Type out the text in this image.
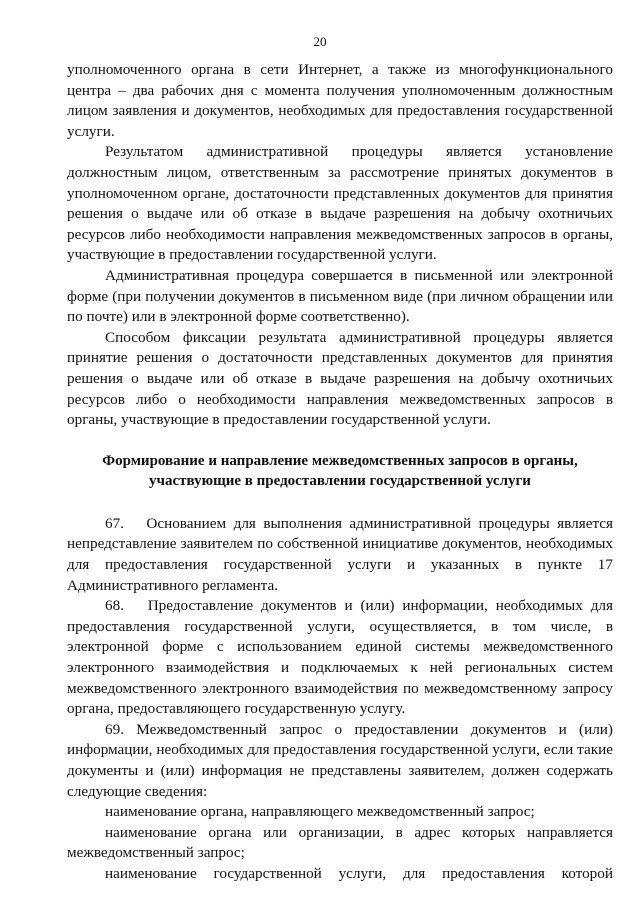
20

уполномоченного органа в сети Интернет, а также из многофункционального центра – два рабочих дня с момента получения уполномоченным должностным лицом заявления и документов, необходимых для предоставления государственной услуги.

Результатом административной процедуры является установление должностным лицом, ответственным за рассмотрение принятых документов в уполномоченном органе, достаточности представленных документов для принятия решения о выдаче или об отказе в выдаче разрешения на добычу охотничьих ресурсов либо необходимости направления межведомственных запросов в органы, участвующие в предоставлении государственной услуги.

Административная процедура совершается в письменной или электронной форме (при получении документов в письменном виде (при личном обращении или по почте) или в электронной форме соответственно).

Способом фиксации результата административной процедуры является принятие решения о достаточности представленных документов для принятия решения о выдаче или об отказе в выдаче разрешения на добычу охотничьих ресурсов либо о необходимости направления межведомственных запросов в органы, участвующие в предоставлении государственной услуги.

Формирование и направление межведомственных запросов в органы,
участвующие в предоставлении государственной услуги

67.   Основанием для выполнения административной процедуры является непредставление заявителем по собственной инициативе документов, необходимых для предоставления государственной услуги и указанных в пункте 17 Административного регламента.

68.   Предоставление документов и (или) информации, необходимых для предоставления государственной услуги, осуществляется, в том числе, в электронной форме с использованием единой системы межведомственного электронного взаимодействия и подключаемых к ней региональных систем межведомственного электронного взаимодействия по межведомственному запросу органа, предоставляющего государственную услугу.

69. Межведомственный запрос о предоставлении документов и (или) информации, необходимых для предоставления государственной услуги, если такие документы и (или) информация не представлены заявителем, должен содержать следующие сведения:

наименование органа, направляющего межведомственный запрос;

наименование органа или организации, в адрес которых направляется межведомственный запрос;

наименование государственной услуги, для предоставления которой
